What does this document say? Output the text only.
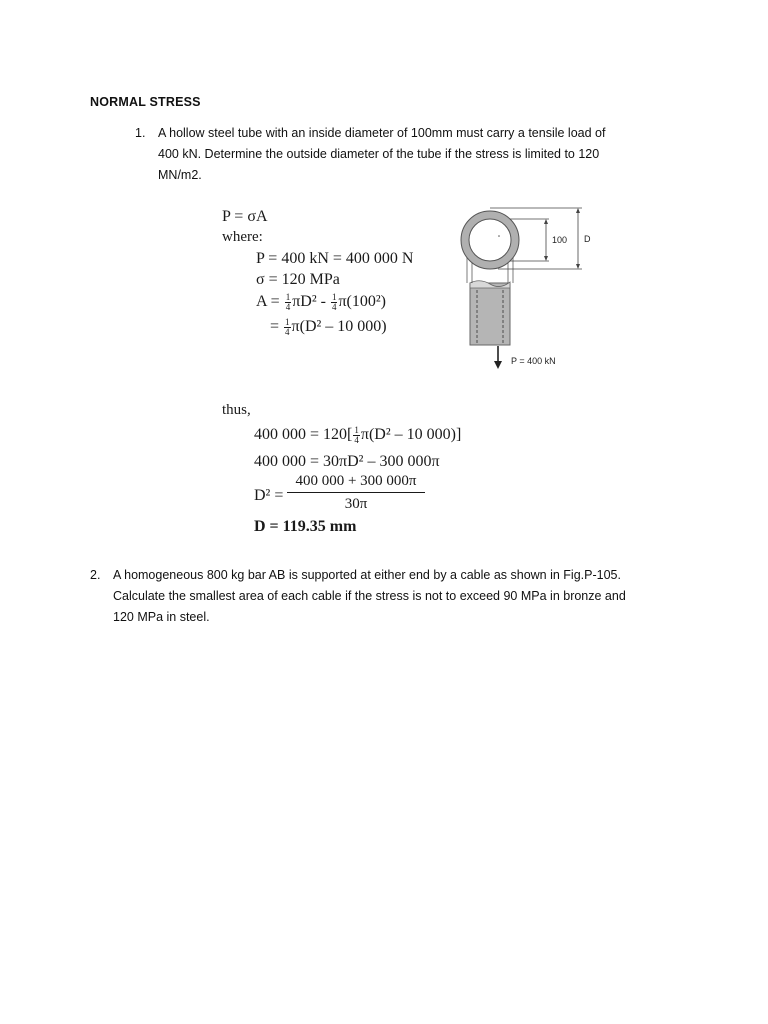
NORMAL STRESS
1. A hollow steel tube with an inside diameter of 100mm must carry a tensile load of
400 kN. Determine the outside diameter of the tube if the stress is limited to 120
MN/m2.
P = σA
where:
P = 400 kN = 400 000 N
σ = 120 MPa
$A = \frac{1}{4} \pi D^2 - \frac{1}{4} \pi(100^2)$
= $\frac{1}{4} \pi(D^2 - 10$ 000)
thus,
400 $000 = 120[ \frac{1}{4} \pi(D^2 - 10$ 000)]
400 000 = 30πD² – 300 000π
$D^2 = \frac{400 000 + 300 000\pi}{30\pi}$
D = 119.35 mm
100 D
P = 400 kN
2. A homogeneous 800 kg bar AB is supported at either end by a cable as shown in Fig.P-105.
Calculate the smallest area of each cable if the stress is not to exceed 90 MPa in bronze and
120 MPa in steel.
